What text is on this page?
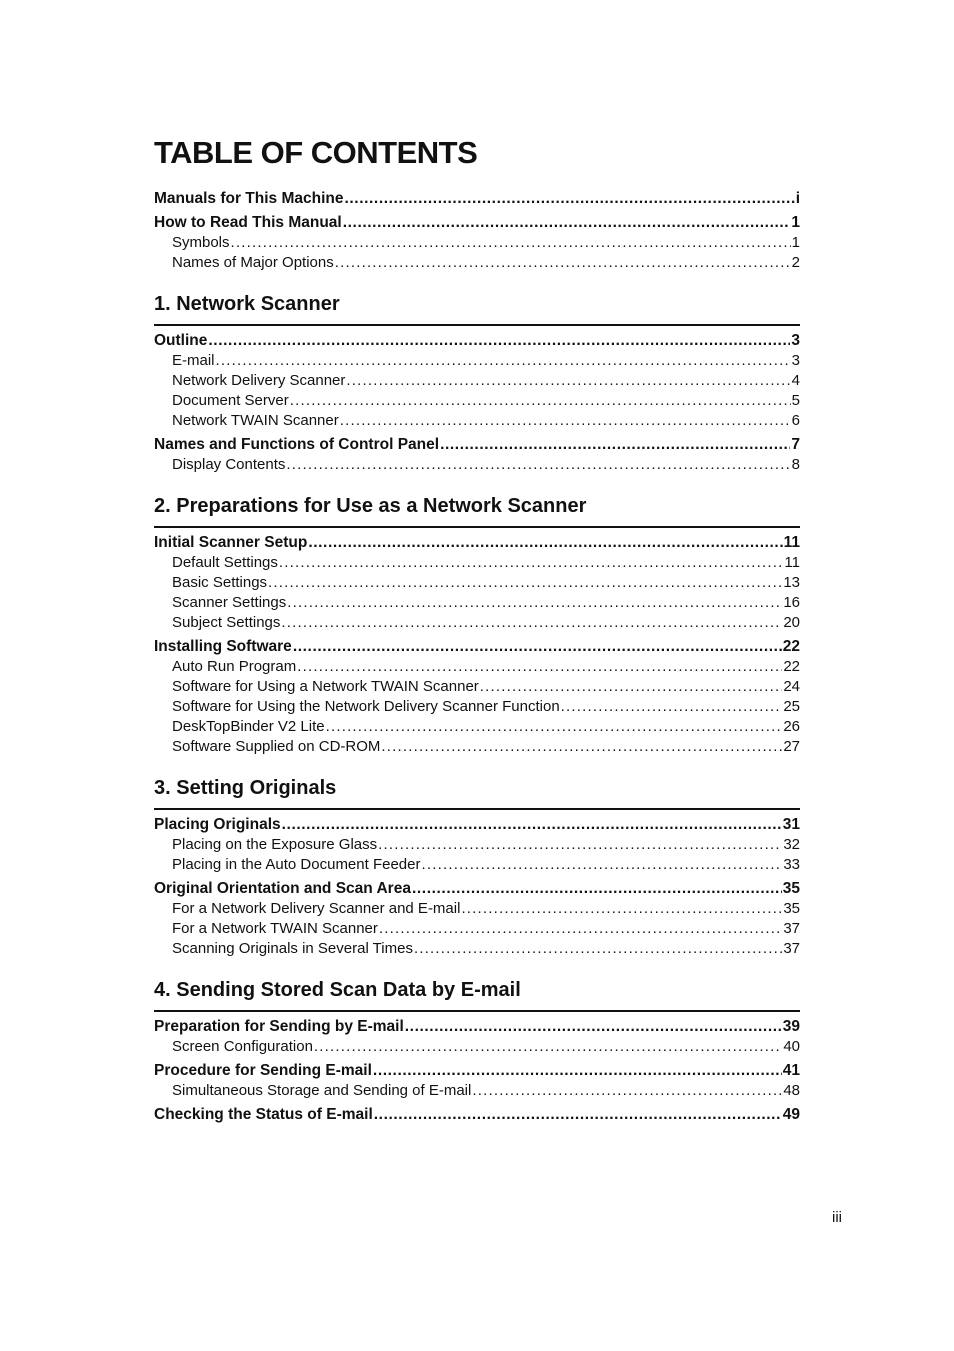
TABLE OF CONTENTS
Manuals for This Machine .....	i
How to Read This Manual .....	1
Symbols .....	1
Names of Major Options .....	2
1. Network Scanner
Outline .....	3
E-mail .....	3
Network Delivery Scanner .....	4
Document Server .....	5
Network TWAIN Scanner .....	6
Names and Functions of Control Panel .....	7
Display Contents .....	8
2. Preparations for Use as a Network Scanner
Initial Scanner Setup .....	11
Default Settings .....	11
Basic Settings .....	13
Scanner Settings .....	16
Subject Settings .....	20
Installing Software .....	22
Auto Run Program .....	22
Software for Using a Network TWAIN Scanner .....	24
Software for Using the Network Delivery Scanner Function .....	25
DeskTopBinder V2 Lite .....	26
Software Supplied on CD-ROM .....	27
3. Setting Originals
Placing Originals .....	31
Placing on the Exposure Glass .....	32
Placing in the Auto Document Feeder .....	33
Original Orientation and Scan Area .....	35
For a Network Delivery Scanner and E-mail .....	35
For a Network TWAIN Scanner .....	37
Scanning Originals in Several Times .....	37
4. Sending Stored Scan Data by E-mail
Preparation for Sending by E-mail .....	39
Screen Configuration .....	40
Procedure for Sending E-mail .....	41
Simultaneous Storage and Sending of E-mail .....	48
Checking the Status of E-mail .....	49
iii
